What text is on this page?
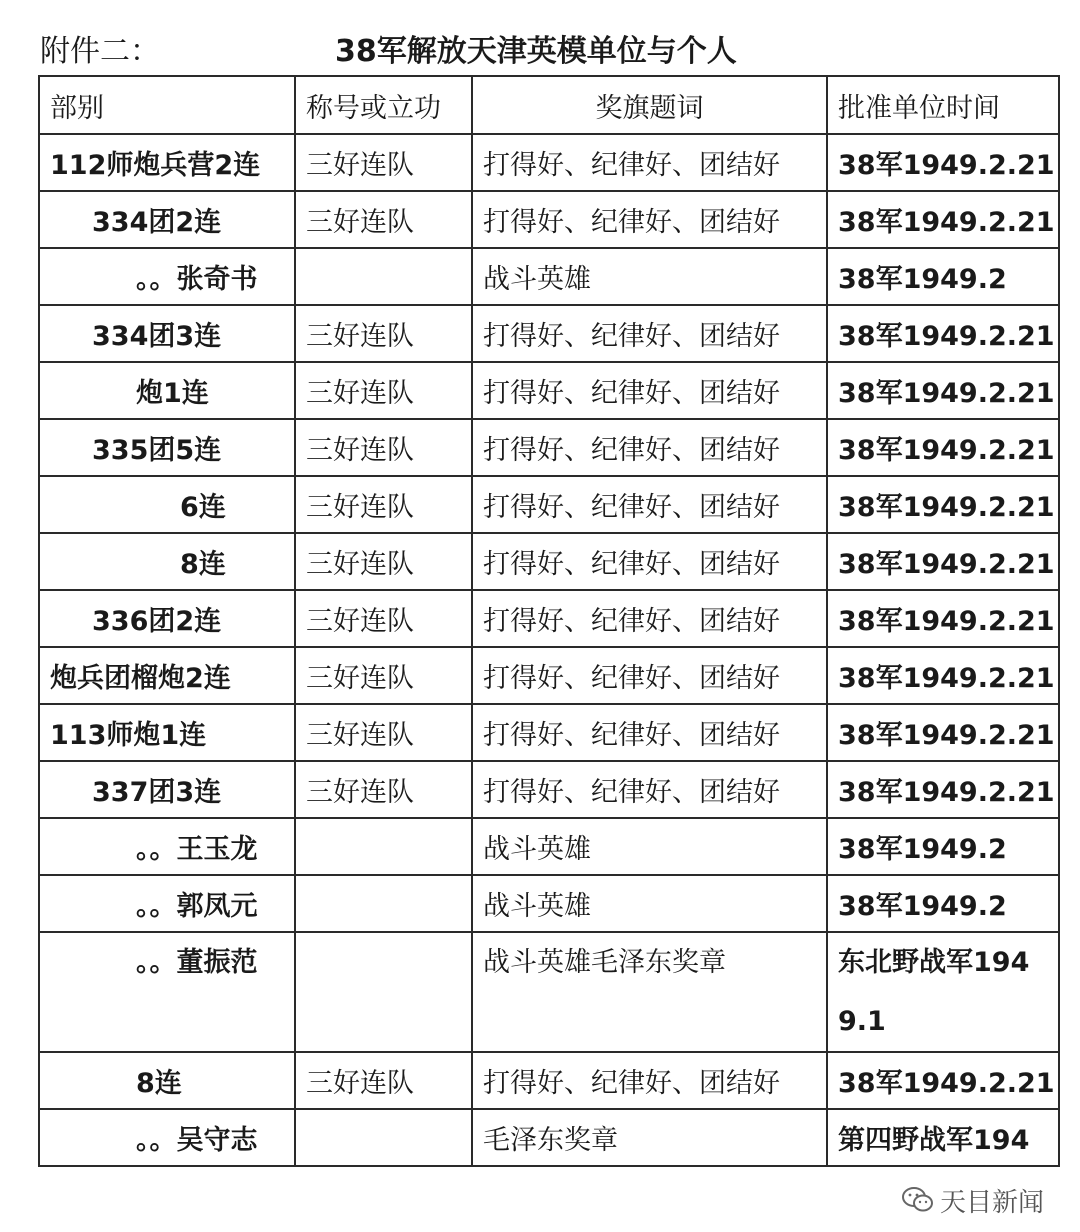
附件二：	38军解放天津英模单位与个人
部别	称号或立功	奖旗题词	批准单位时间
112师炮兵营2连	三好连队	打得好、纪律好、团结好	38军1949.2.21
334团2连	三好连队	打得好、纪律好、团结好	38军1949.2.21
。。张奇书		战斗英雄	38军1949.2
334团3连	三好连队	打得好、纪律好、团结好	38军1949.2.21
炮1连	三好连队	打得好、纪律好、团结好	38军1949.2.21
335团5连	三好连队	打得好、纪律好、团结好	38军1949.2.21
6连	三好连队	打得好、纪律好、团结好	38军1949.2.21
8连	三好连队	打得好、纪律好、团结好	38军1949.2.21
336团2连	三好连队	打得好、纪律好、团结好	38军1949.2.21
炮兵团榴炮2连	三好连队	打得好、纪律好、团结好	38军1949.2.21
113师炮1连	三好连队	打得好、纪律好、团结好	38军1949.2.21
337团3连	三好连队	打得好、纪律好、团结好	38军1949.2.21
。。王玉龙		战斗英雄	38军1949.2
。。郭凤元		战斗英雄	38军1949.2
。。董振范		战斗英雄毛泽东奖章	东北野战军1949.1
8连	三好连队	打得好、纪律好、团结好	38军1949.2.21
。。吴守志		毛泽东奖章	第四野战军194
天目新闻
